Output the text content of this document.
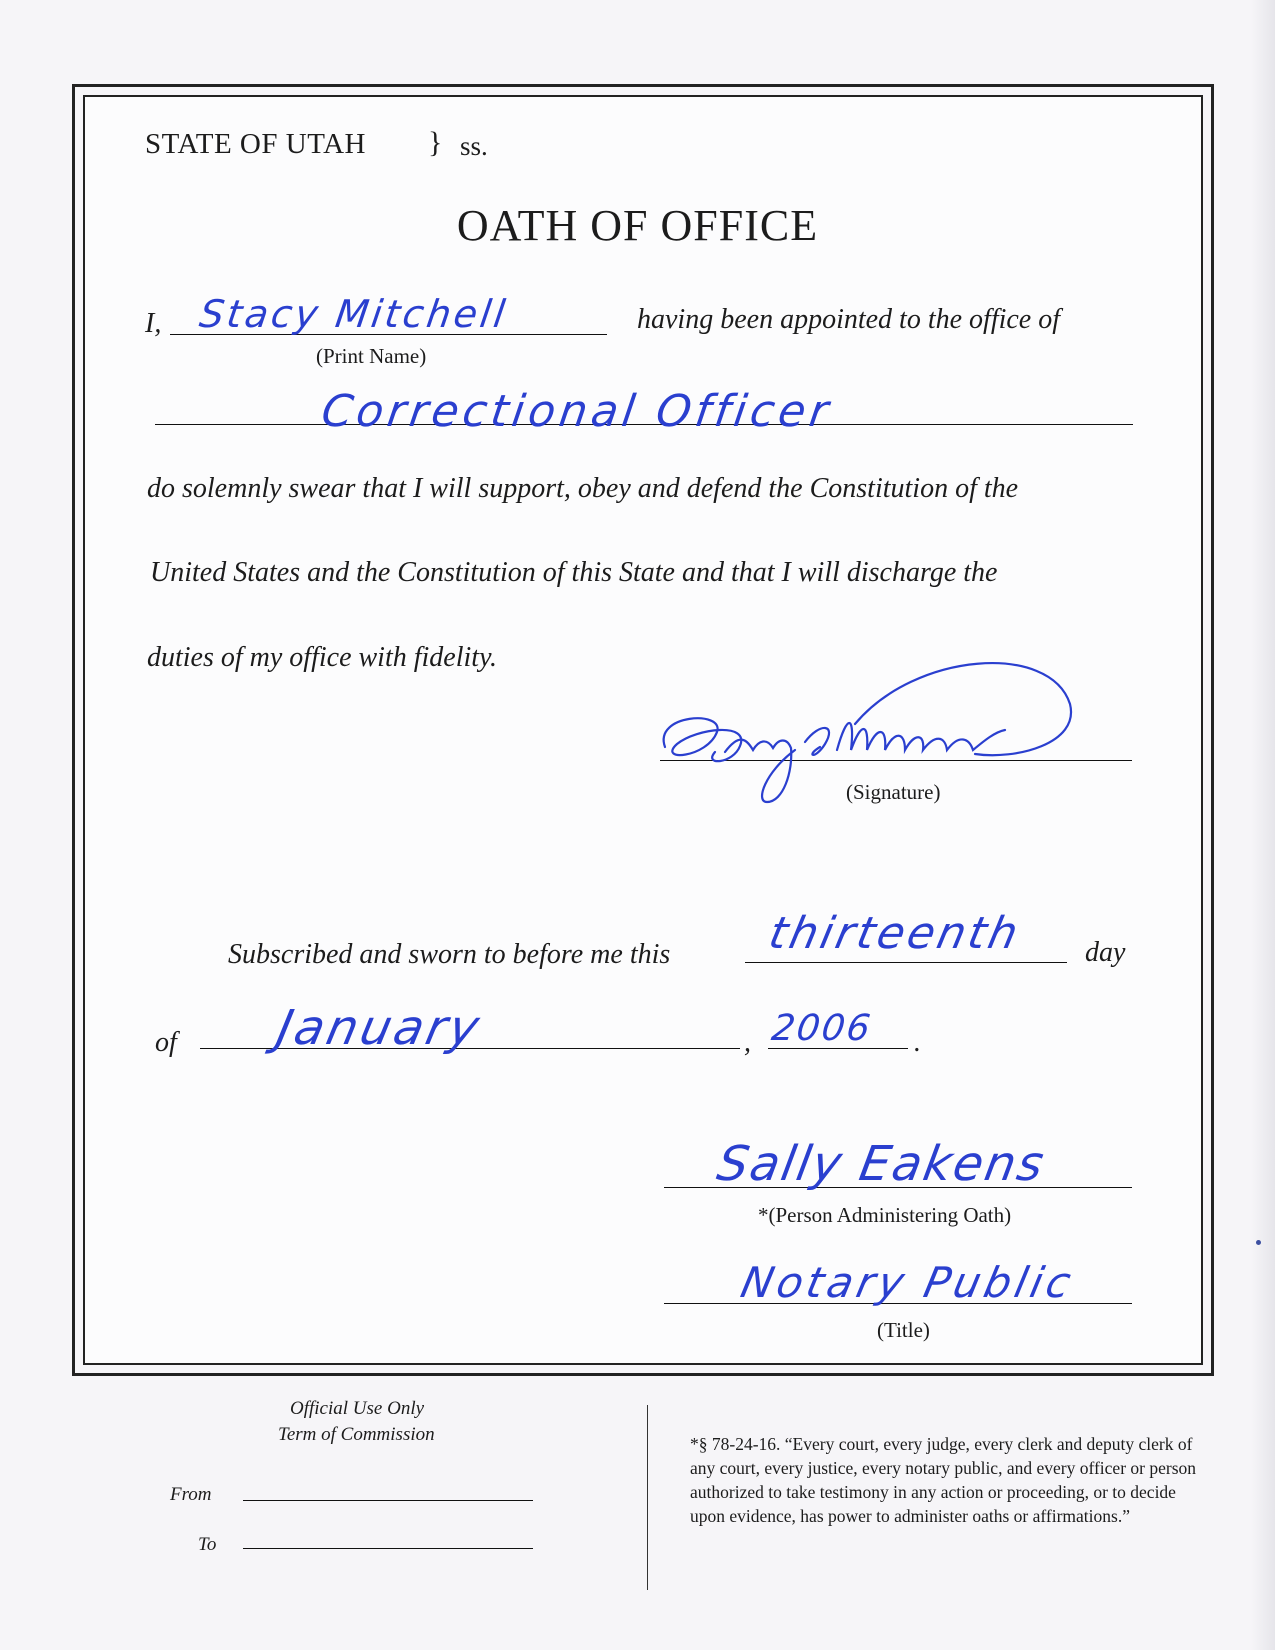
STATE OF UTAH } ss.
OATH OF OFFICE
I, Stacy Mitchell
(Print Name)
having been appointed to the office of
Correctional Officer
do solemnly swear that I will support, obey and defend the Constitution of the
United States and the Constitution of this State and that I will discharge the
duties of my office with fidelity.
(Signature)
Subscribed and sworn to before me this thirteenth day
of January	, 2006 .
Sally Eakens
*(Person Administering Oath)
Notary Public
(Title)
Official Use Only
Term of Commission
From
To
*§ 78-24-16. “Every court, every judge, every clerk and deputy clerk of any court, every justice, every notary public, and every officer or person authorized to take testimony in any action or proceeding, or to decide upon evidence, has power to administer oaths or affirmations.”
